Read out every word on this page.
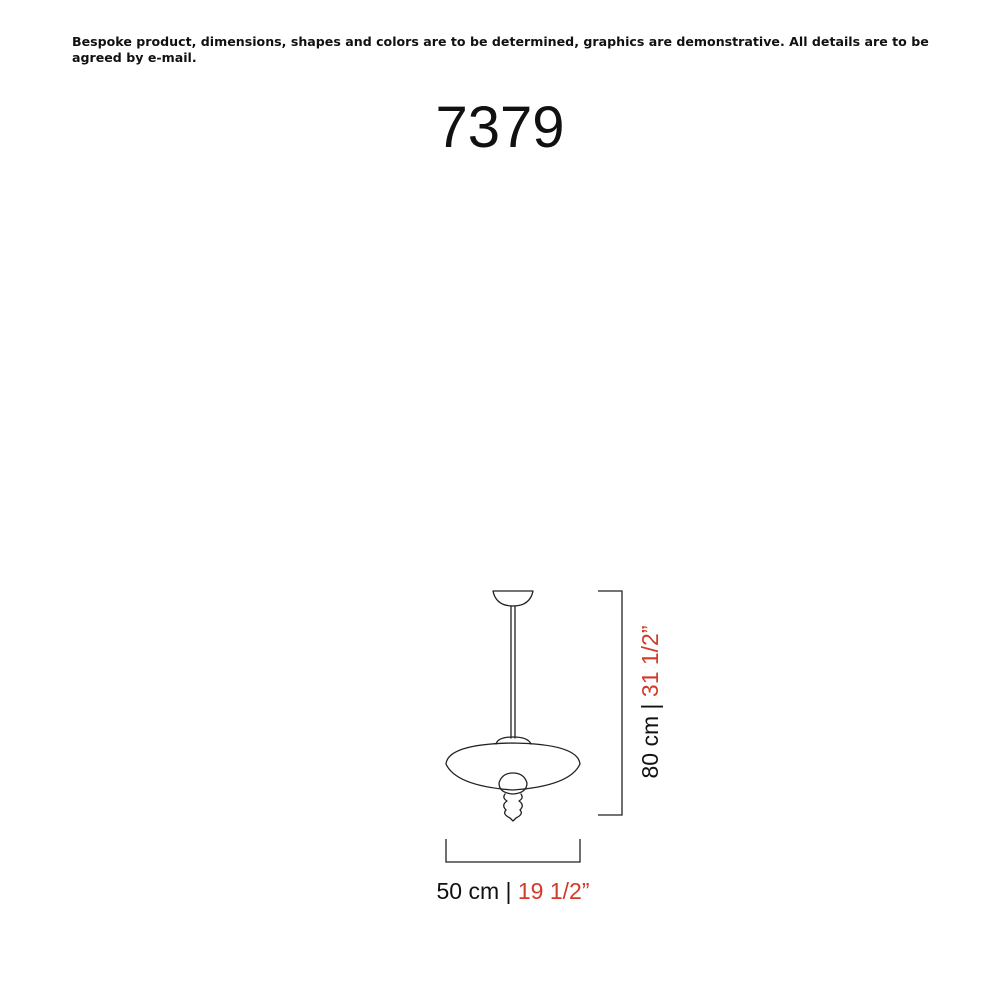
Bespoke product, dimensions, shapes and colors are to be determined, graphics are demonstrative. All details are to be agreed by e-mail.
7379
50 cm | 19 1/2”
80 cm | 31 1/2”
